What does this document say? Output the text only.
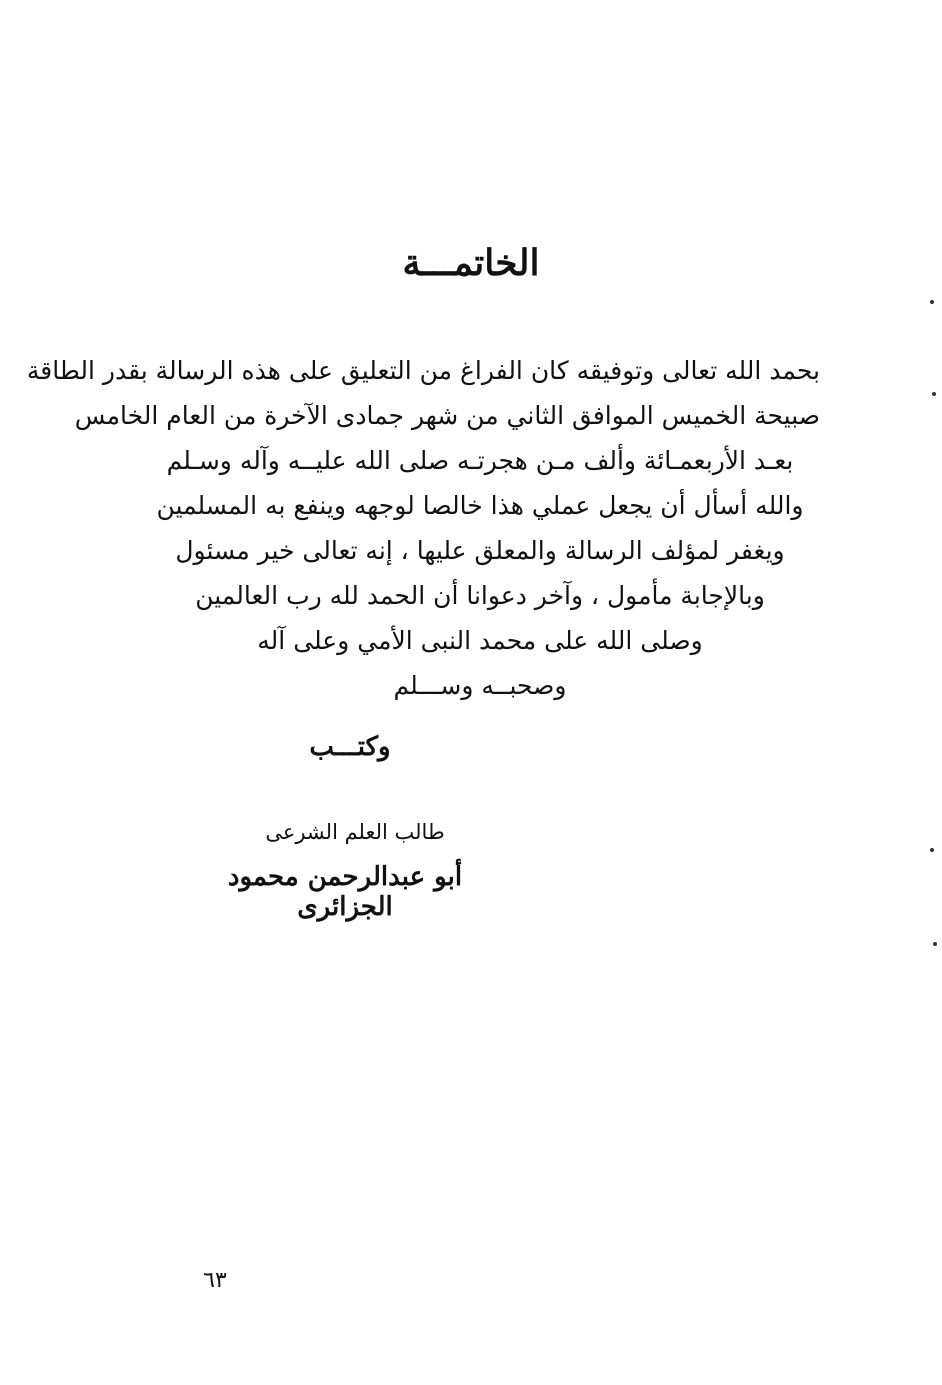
الخاتمـــة
بحمد الله تعالى وتوفيقه كان الفراغ من التعليق على هذه الرسالة بقدر الطاقة
صبيحة الخميس الموافق الثاني من شهر جمادى الآخرة من العام الخامس
بعـد الأربعمـائة وألف مـن هجرتـه صلى الله عليــه وآله وسـلم
والله أسأل أن يجعل عملي هذا خالصا لوجهه وينفع به المسلمين
ويغفر لمؤلف الرسالة والمعلق عليها ، إنه تعالى خير مسئول
وبالإجابة مأمول ، وآخر دعوانا أن الحمد لله رب العالمين
وصلى الله على محمد النبى الأمي وعلى آله
وصحبــه وســـلم
وكتـــب
طالب العلم الشرعى
أبو عبدالرحمن محمود الجزائرى
٦٣
